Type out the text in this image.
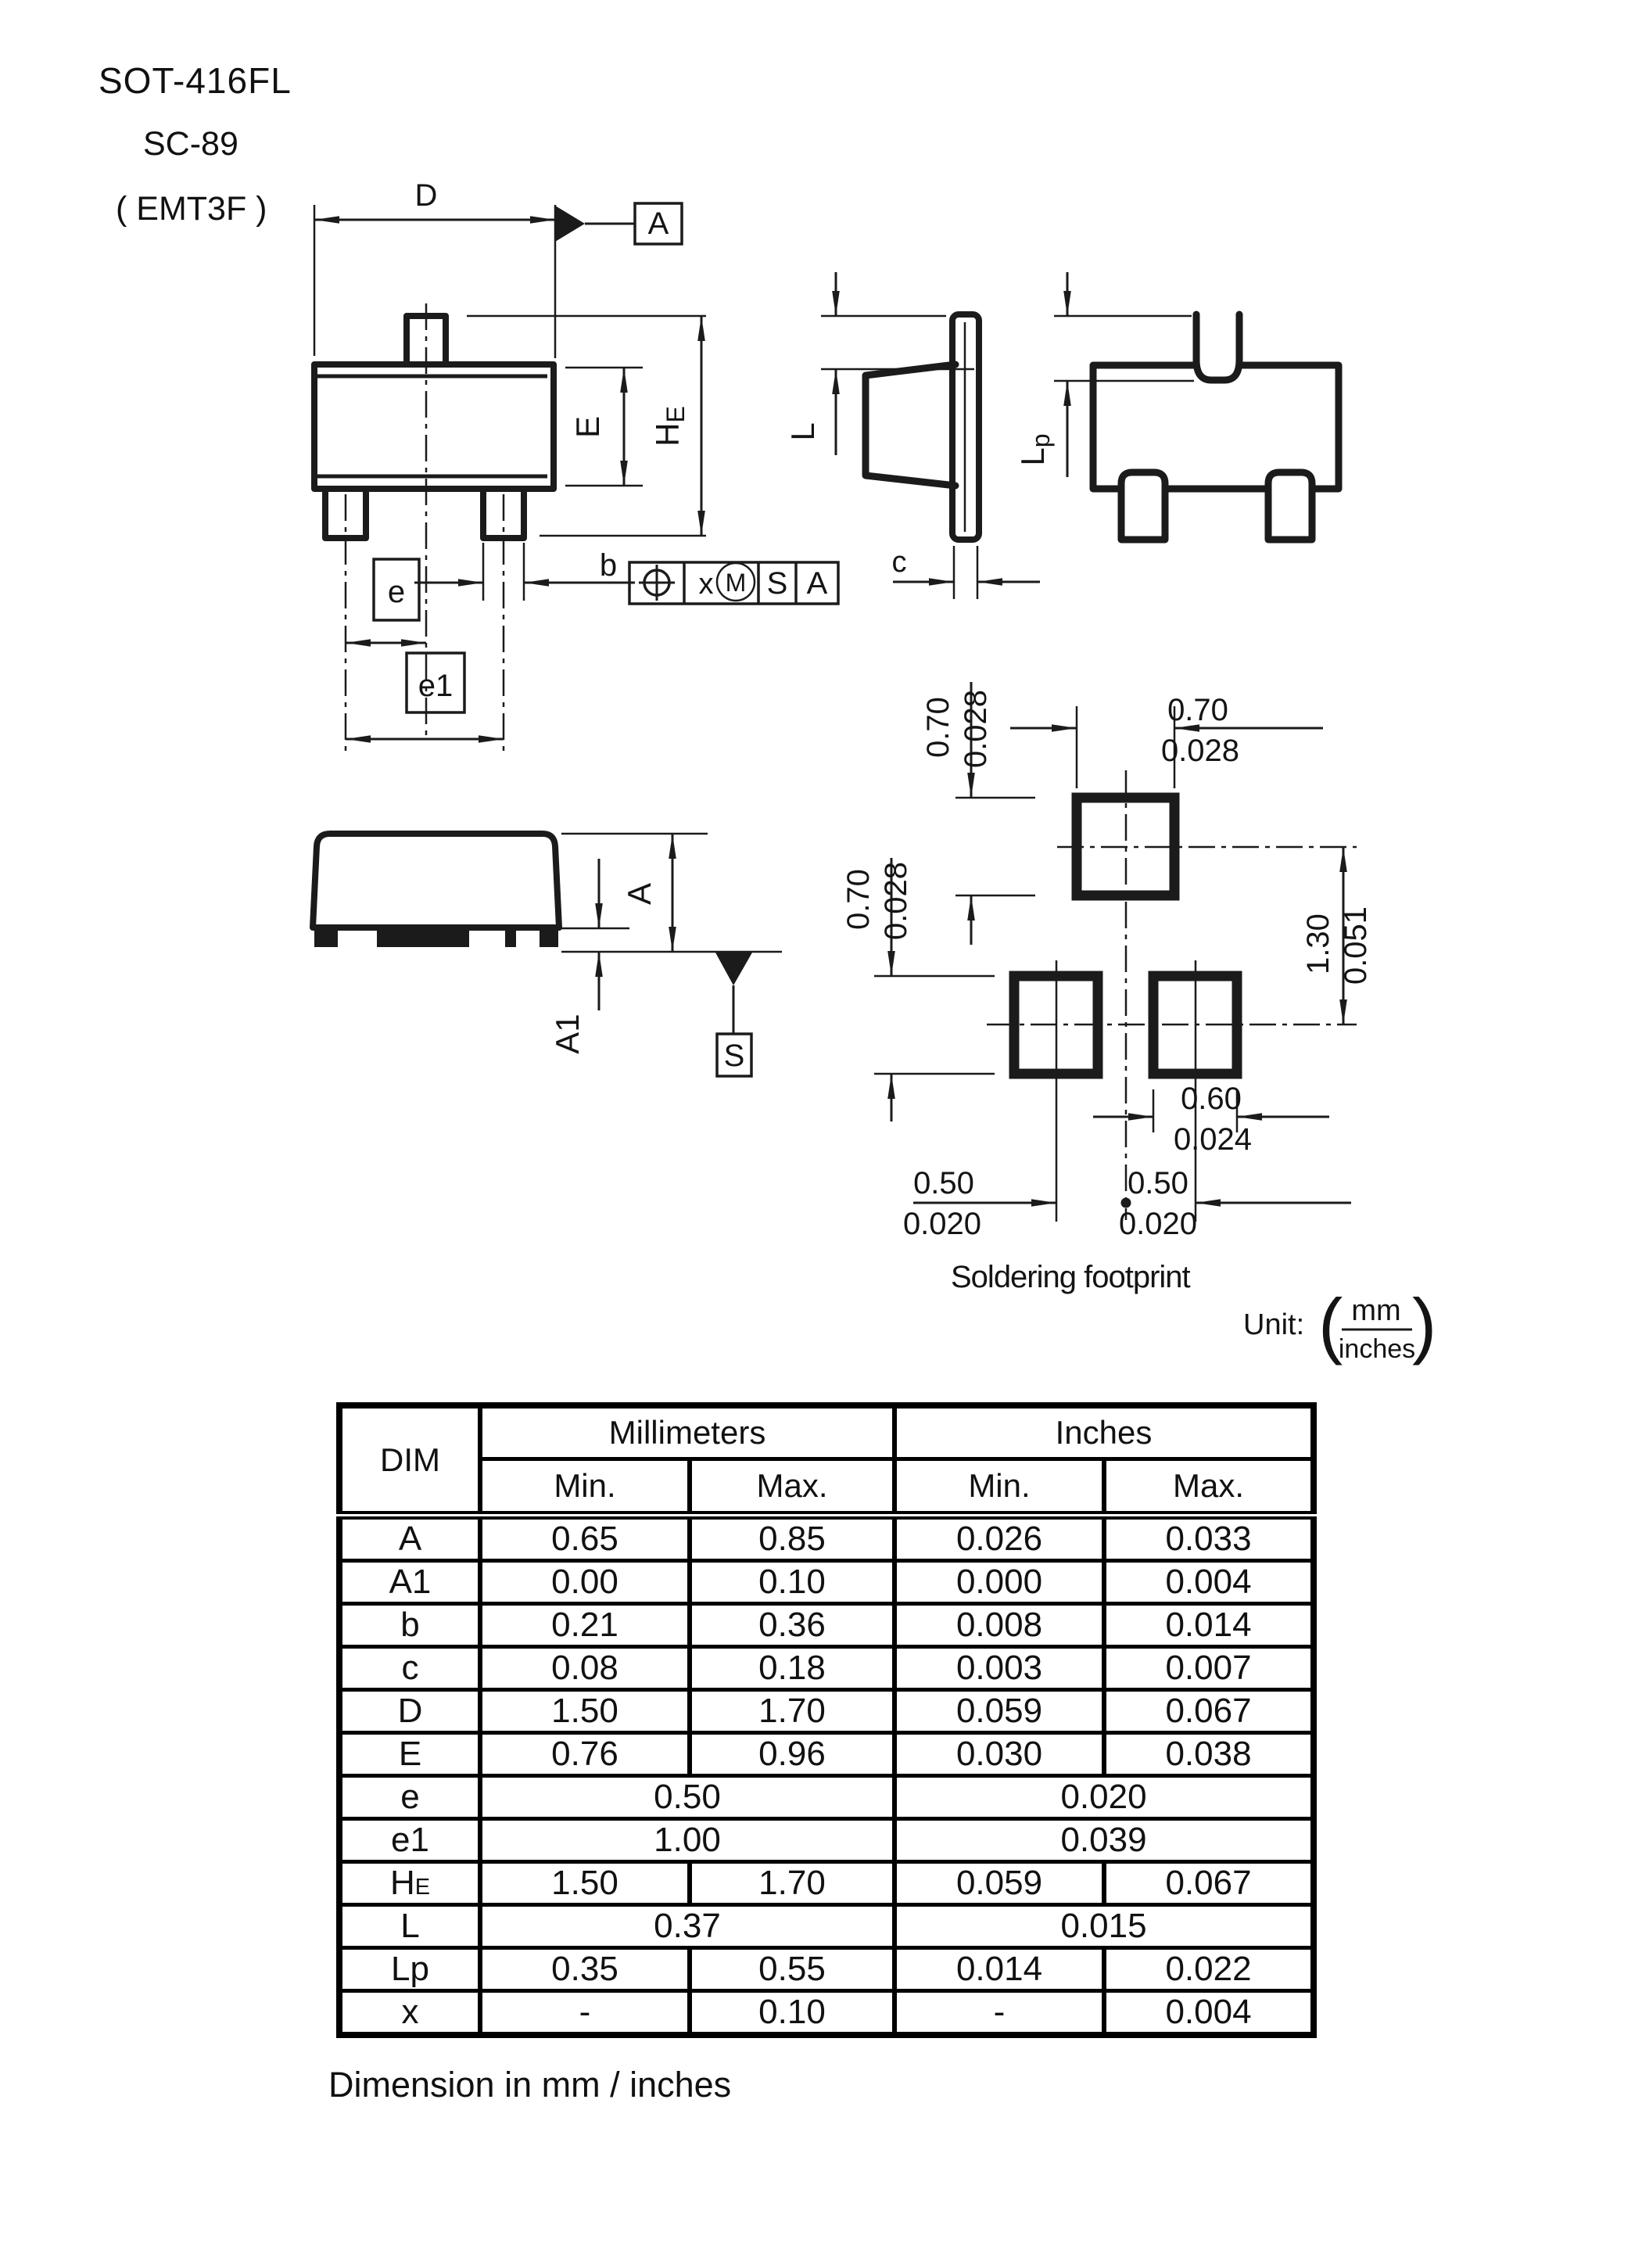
SOT-416FL
SC-89
( EMT3F )	D
A
E HE
b
x M S A
e
e1
L
c
Lp
A
A1
S
0.70
0.028
0.70 0.028
0.70 0.028
1.30 0.051
0.60
0.024
0.50
0.020
0.50
0.020
Soldering footprint
Unit: ( mm
inches
)
DIM	Millimeters		Inches	
	Min.	Max.	Min.	Max.
A	0.65	0.85	0.026	0.033
A1	0.00	0.10	0.000	0.004
b	0.21	0.36	0.008	0.014
c	0.08	0.18	0.003	0.007
D	1.50	1.70	0.059	0.067
E	0.76	0.96	0.030	0.038
e	0.50		0.020	
e1	1.00		0.039	
HE	1.50	1.70	0.059	0.067
L	0.37		0.015	
Lp	0.35	0.55	0.014	0.022
x	-	0.10	-	0.004
Dimension in mm / inches
